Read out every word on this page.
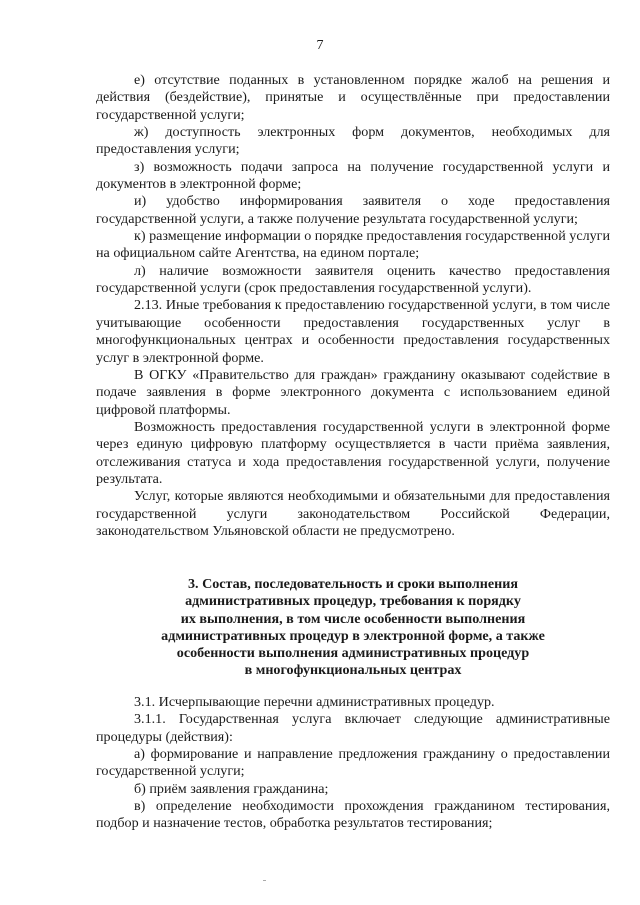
7

е) отсутствие поданных в установленном порядке жалоб на решения и действия (бездействие), принятые и осуществлённые при предоставлении государственной услуги;

ж) доступность электронных форм документов, необходимых для предоставления услуги;

з) возможность подачи запроса на получение государственной услуги и документов в электронной форме;

и) удобство информирования заявителя о ходе предоставления государственной услуги, а также получение результата государственной услуги;

к) размещение информации о порядке предоставления государственной услуги на официальном сайте Агентства, на едином портале;

л) наличие возможности заявителя оценить качество предоставления государственной услуги (срок предоставления государственной услуги).

2.13. Иные требования к предоставлению государственной услуги, в том числе учитывающие особенности предоставления государственных услуг в многофункциональных центрах и особенности предоставления государственных услуг в электронной форме.

В ОГКУ «Правительство для граждан» гражданину оказывают содействие в подаче заявления в форме электронного документа с использованием единой цифровой платформы.

Возможность предоставления государственной услуги в электронной форме через единую цифровую платформу осуществляется в части приёма заявления, отслеживания статуса и хода предоставления государственной услуги, получение результата.

Услуг, которые являются необходимыми и обязательными для предоставления государственной услуги законодательством Российской Федерации, законодательством Ульяновской области не предусмотрено.

3. Состав, последовательность и сроки выполнения
административных процедур, требования к порядку
их выполнения, в том числе особенности выполнения
административных процедур в электронной форме, а также
особенности выполнения административных процедур
в многофункциональных центрах

3.1. Исчерпывающие перечни административных процедур.

3.1.1. Государственная услуга включает следующие административные процедуры (действия):

а) формирование и направление предложения гражданину о предоставлении государственной услуги;

б) приём заявления гражданина;

в) определение необходимости прохождения гражданином тестирования, подбор и назначение тестов, обработка результатов тестирования;
